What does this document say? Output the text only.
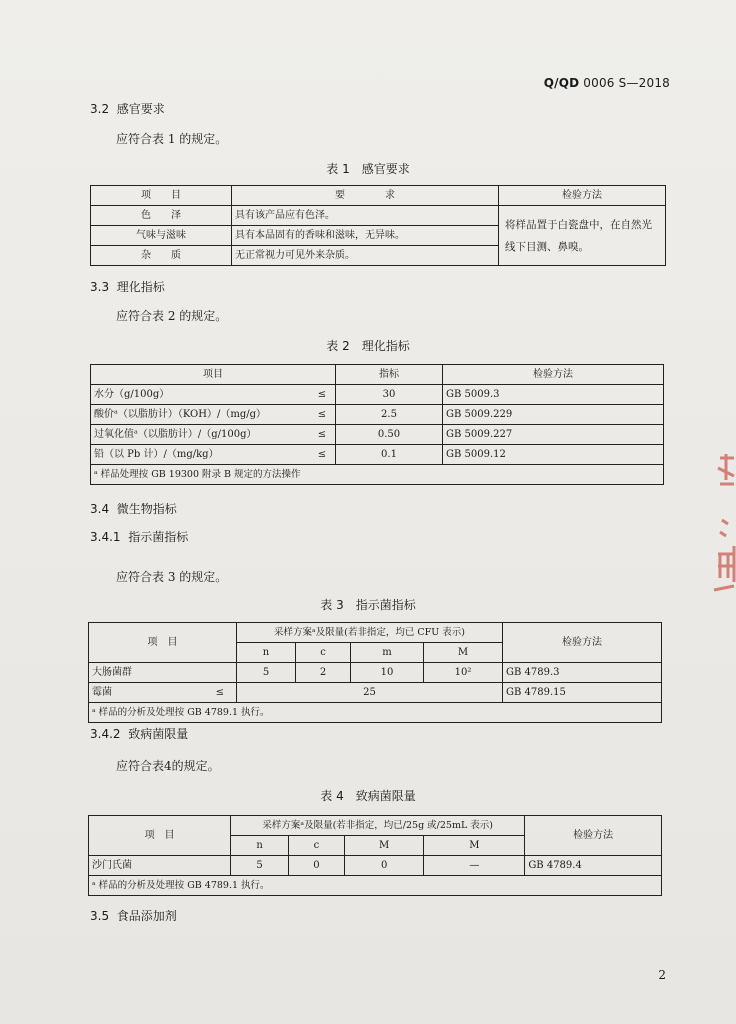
Q/QD 0006 S—2018
3.2 感官要求
应符合表 1 的规定。
表 1　感官要求
项　　目	要　　　　求	检验方法
色　　泽	具有该产品应有色泽。	将样品置于白瓷盘中，在自然光线下目测、鼻嗅。
气味与滋味	具有本品固有的香味和滋味，无异味。	
杂　　质	无正常视力可见外来杂质。	
3.3 理化指标
应符合表 2 的规定。
表 2　理化指标
项目		指标	检验方法
水分（g/100g）	≤	30	GB 5009.3
酸价ᵃ（以脂肪计）（KOH）/（mg/g）	≤	2.5	GB 5009.229
过氧化值ᵃ（以脂肪计）/（g/100g）	≤	0.50	GB 5009.227
铅（以 Pb 计）/（mg/kg）	≤	0.1	GB 5009.12
ᵃ 样品处理按 GB 19300 附录 B 规定的方法操作			
3.4 微生物指标
3.4.1 指示菌指标
应符合表 3 的规定。
表 3　指示菌指标
项　目		采样方案ᵃ及限量(若非指定，均已 CFU 表示)				检验方法
		n	c	m	M	
大肠菌群		5	2	10	10²	GB 4789.3
霉菌	≤	25				GB 4789.15
ᵃ 样品的分析及处理按 GB 4789.1 执行。						
3.4.2 致病菌限量
应符合表4的规定。
表 4　致病菌限量
项　目	采样方案ᵃ及限量(若非指定，均已/25g 或/25mL 表示)				检验方法
	n	c	M	M	
沙门氏菌	5	0	0	—	GB 4789.4
ᵃ 样品的分析及处理按 GB 4789.1 执行。					
3.5 食品添加剂
2
